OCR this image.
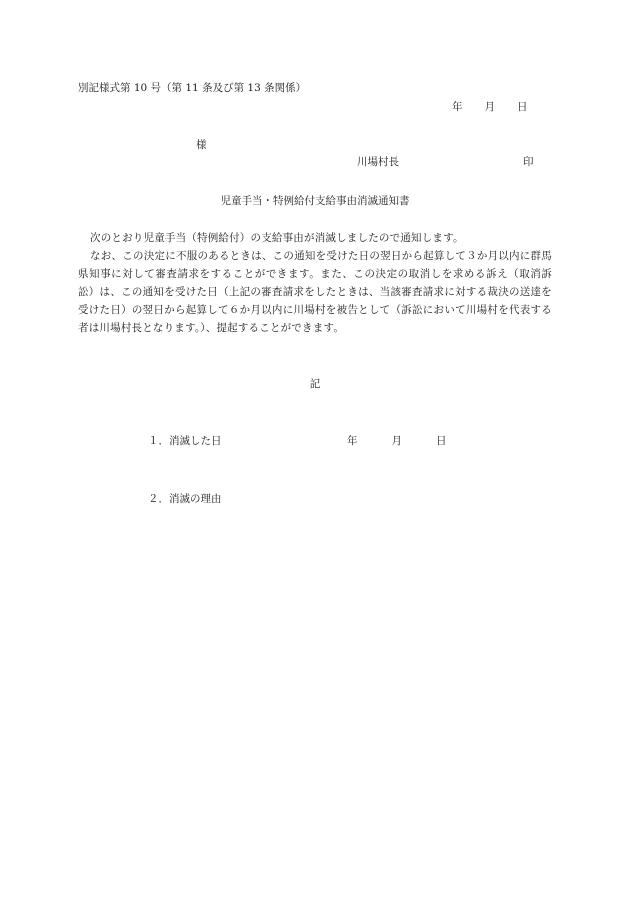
別記様式第 10 号（第 11 条及び第 13 条関係）
年 月 日
様
川場村長	印
児童手当・特例給付支給事由消滅通知書

次のとおり児童手当（特例給付）の支給事由が消滅しましたので通知します。

なお、この決定に不服のあるときは、この通知を受けた日の翌日から起算して３か月以内に群馬県知事に対して審査請求をすることができます。また、この決定の取消しを求める訴え（取消訴訟）は、この通知を受けた日（上記の審査請求をしたときは、当該審査請求に対する裁決の送達を受けた日）の翌日から起算して６か月以内に川場村を被告として（訴訟において川場村を代表する者は川場村長となります。）、提起することができます。

記
１．消滅した日	年	月	日
２．消滅の理由
